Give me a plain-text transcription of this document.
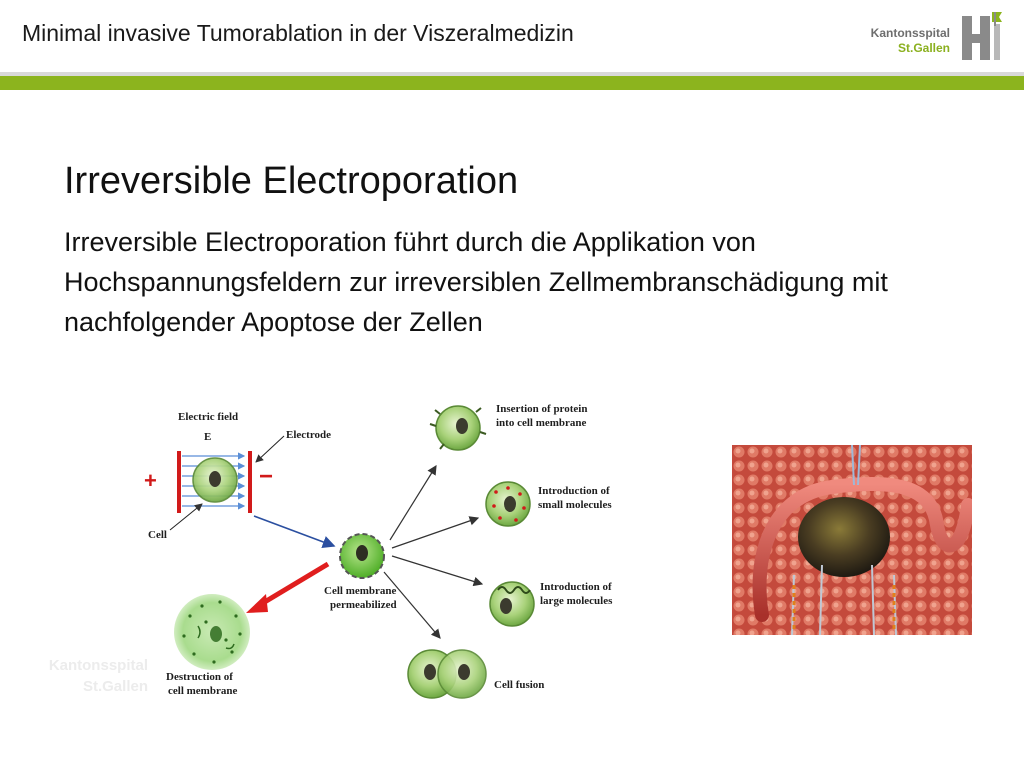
Minimal invasive Tumorablation in der Viszeralmedizin	Kantonsspital
St.Gallen
Irreversible Electroporation
Irreversible Electroporation führt durch die Applikation von Hochspannungsfeldern zur irreversiblen Zellmembranschädigung mit nachfolgender Apoptose der Zellen
Kantonsspital
St.Gallen
Electric field
E	Electrode
+	−
Cell
Cell membrane
permeabilized
Insertion of protein
into cell membrane
Introduction of
small molecules
Introduction of
large molecules
Cell fusion
Destruction of
cell membrane
